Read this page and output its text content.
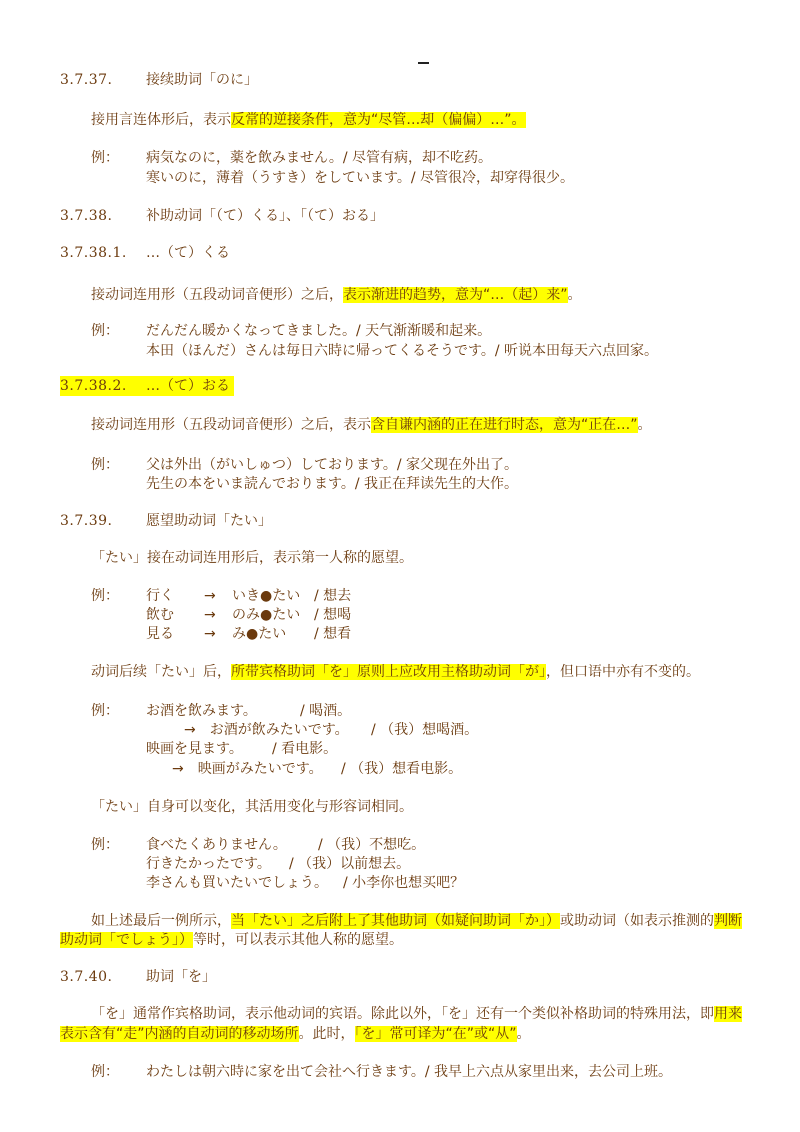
3.7.37. 接续助词「のに」
接用言连体形后，表示反常的逆接条件，意为“尽管…却（偏偏）…”。
例： 病気なのに，薬を飲みません。/ 尽管有病，却不吃药。
寒いのに，薄着（うすき）をしています。/ 尽管很冷，却穿得很少。
3.7.38. 补助动词「（て）くる」、「（て）おる」
3.7.38.1. …（て）くる
接动词连用形（五段动词音便形）之后，表示渐进的趋势，意为“…（起）来”。
例： だんだん暖かくなってきました。/ 天气渐渐暖和起来。
本田（ほんだ）さんは毎日六時に帰ってくるそうです。/ 听说本田每天六点回家。
3.7.38.2. …（て）おる
接动词连用形（五段动词音便形）之后，表示含自谦内涵的正在进行时态，意为“正在…”。
例： 父は外出（がいしゅつ）しております。/ 家父现在外出了。
先生の本をいま読んでおります。/ 我正在拜读先生的大作。
3.7.39. 愿望助动词「たい」
「たい」接在动词连用形后，表示第一人称的愿望。
例： 行く → いき●たい / 想去
飲む → のみ●たい / 想喝
見る → み●たい / 想看
动词后续「たい」后，所带宾格助词「を」原则上应改用主格助动词「が」，但口语中亦有不变的。
例： お酒を飲みます。	/ 喝酒。
→　お酒が飲みたいです。 / （我）想喝酒。
映画を見ます。 / 看电影。
→　映画がみたいです。 / （我）想看电影。
「たい」自身可以变化，其活用变化与形容词相同。
例： 食べたくありません。 / （我）不想吃。
行きたかったです。 / （我）以前想去。
李さんも買いたいでしょう。 / 小李你也想买吧？
如上述最后一例所示，当「たい」之后附上了其他助词（如疑问助词「か」）或助动词（如表示推测的判断
助动词「でしょう」）等时，可以表示其他人称的愿望。
3.7.40. 助词「を」
「を」通常作宾格助词，表示他动词的宾语。除此以外，「を」还有一个类似补格助词的特殊用法，即用来
表示含有“走”内涵的自动词的移动场所。此时，「を」常可译为“在”或“从”。
例： わたしは朝六時に家を出て会社へ行きます。/ 我早上六点从家里出来，去公司上班。
